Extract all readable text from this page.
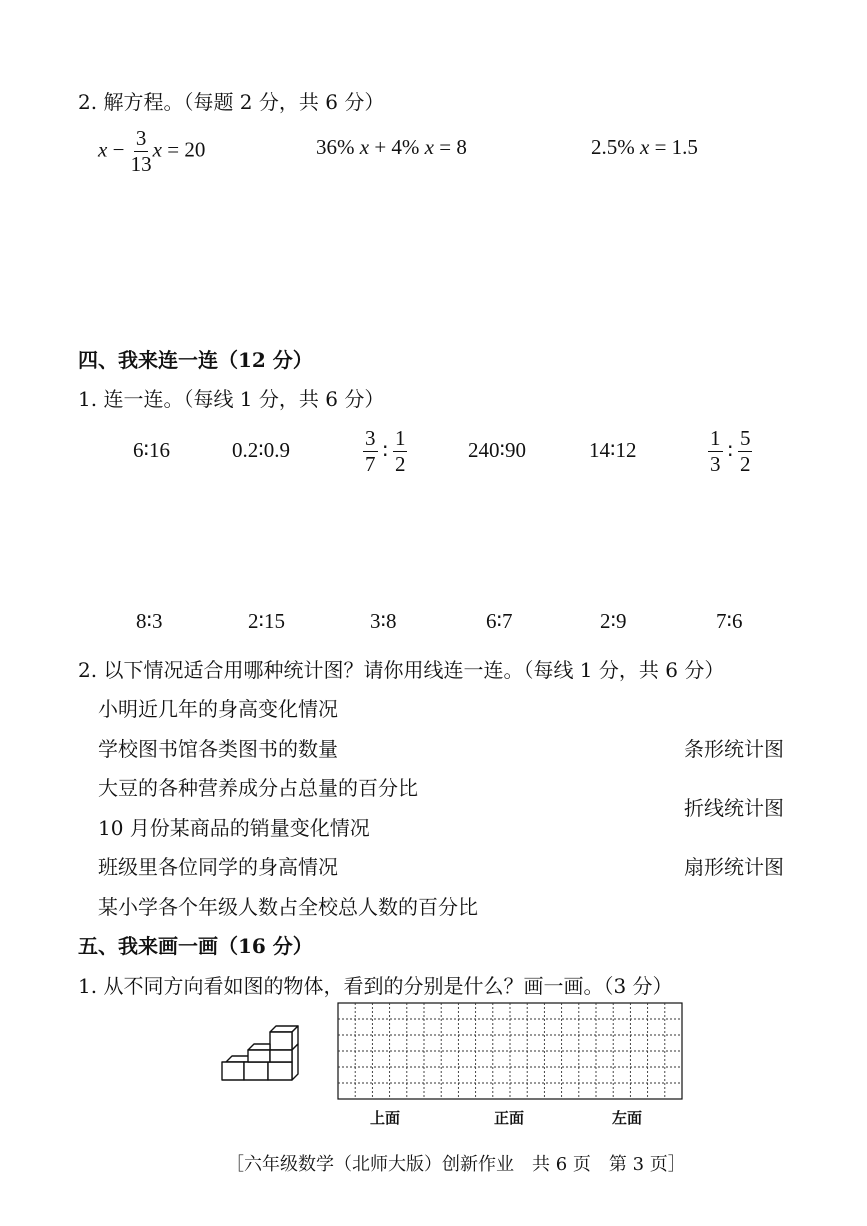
2. 解方程。（每题 2 分，共 6 分）
$x - \frac{3}{13}$ x = 20	36% x + 4% x = 8	2.5% x = 1.5
四、我来连一连（12 分）
1. 连一连。（每线 1 分，共 6 分）
6∶16	0.2∶0.9	$\frac{3}{7}$ ∶ $\frac{1}{2}$	240∶90	14∶12	$\frac{1}{3}$ ∶ $\frac{5}{2}$
8∶3	2∶15	3∶8	6∶7	2∶9	7∶6
2. 以下情况适合用哪种统计图？请你用线连一连。（每线 1 分，共 6 分）
小明近几年的身高变化情况
学校图书馆各类图书的数量
大豆的各种营养成分占总量的百分比
10 月份某商品的销量变化情况
班级里各位同学的身高情况
某小学各个年级人数占全校总人数的百分比
条形统计图
折线统计图
扇形统计图
五、我来画一画（16 分）
1. 从不同方向看如图的物体，看到的分别是什么？画一画。（3 分）
上面	正面	左面
［六年级数学（北师大版）创新作业　共 6 页　第 3 页］
